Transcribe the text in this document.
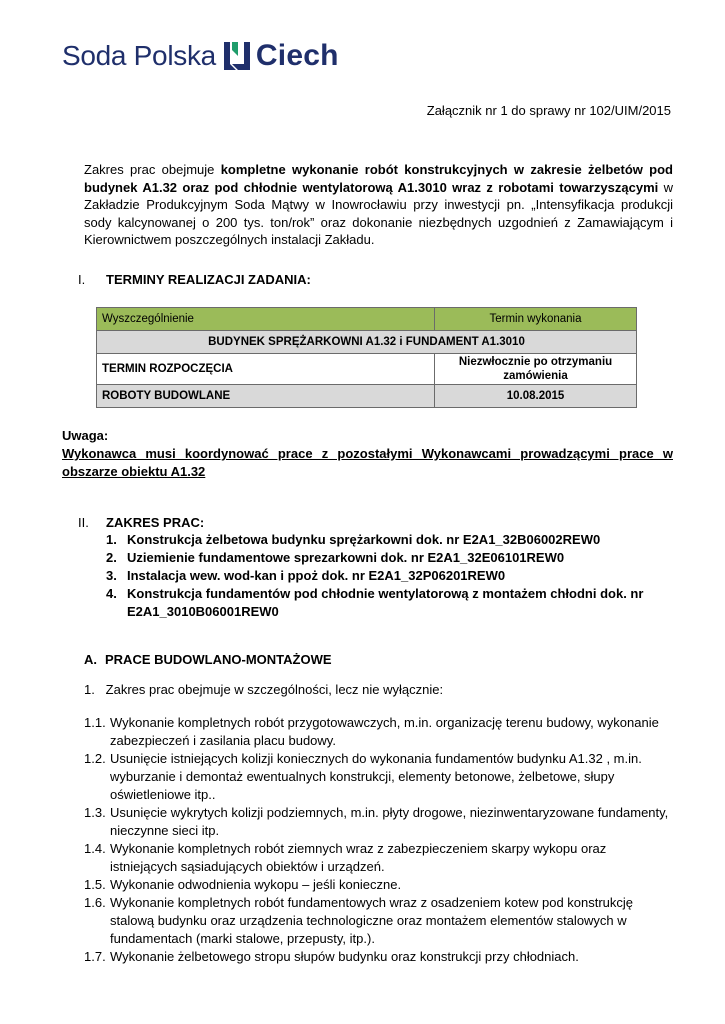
Soda Polska Ciech
Załącznik nr 1 do sprawy nr 102/UIM/2015
Zakres prac obejmuje kompletne wykonanie robót konstrukcyjnych w zakresie żelbetów pod budynek A1.32 oraz pod chłodnie wentylatorową A1.3010 wraz z robotami towarzyszącymi w Zakładzie Produkcyjnym Soda Mątwy w Inowrocławiu przy inwestycji pn. „Intensyfikacja produkcji sody kalcynowanej o 200 tys. ton/rok” oraz dokonanie niezbędnych uzgodnień z Zamawiającym i Kierownictwem poszczególnych instalacji Zakładu.
I. TERMINY REALIZACJI ZADANIA:
Wyszczególnienie	Termin wykonania
BUDYNEK SPRĘŻARKOWNI A1.32 i FUNDAMENT A1.3010	
TERMIN ROZPOCZĘCIA	Niezwłocznie po otrzymaniu zamówienia
ROBOTY BUDOWLANE	10.08.2015
Uwaga:
Wykonawca musi koordynować prace z pozostałymi Wykonawcami prowadzącymi prace w obszarze obiektu A1.32
II. ZAKRES PRAC:
1. Konstrukcja żelbetowa budynku sprężarkowni dok. nr E2A1_32B06002REW0
2. Uziemienie fundamentowe sprezarkowni dok. nr E2A1_32E06101REW0
3. Instalacja wew. wod-kan i ppoż dok. nr E2A1_32P06201REW0
4. Konstrukcja fundamentów pod chłodnie wentylatorową z montażem chłodni dok. nr E2A1_3010B06001REW0
A. PRACE BUDOWLANO-MONTAŻOWE
1.   Zakres prac obejmuje w szczególności, lecz nie wyłącznie:
1.1. Wykonanie kompletnych robót przygotowawczych, m.in. organizację terenu budowy, wykonanie zabezpieczeń i zasilania placu budowy.
1.2. Usunięcie istniejących kolizji koniecznych do wykonania fundamentów budynku A1.32 , m.in. wyburzanie i demontaż ewentualnych konstrukcji, elementy betonowe, żelbetowe, słupy oświetleniowe itp..
1.3. Usunięcie wykrytych kolizji podziemnych, m.in. płyty drogowe, niezinwentaryzowane fundamenty, nieczynne sieci itp.
1.4. Wykonanie kompletnych robót ziemnych wraz z zabezpieczeniem skarpy wykopu oraz istniejących sąsiadujących obiektów i urządzeń.
1.5. Wykonanie odwodnienia wykopu – jeśli konieczne.
1.6. Wykonanie kompletnych robót fundamentowych wraz z osadzeniem kotew pod konstrukcję stalową budynku oraz urządzenia technologiczne oraz montażem elementów stalowych w fundamentach (marki stalowe, przepusty, itp.).
1.7. Wykonanie żelbetowego stropu słupów budynku oraz konstrukcji przy chłodniach.
